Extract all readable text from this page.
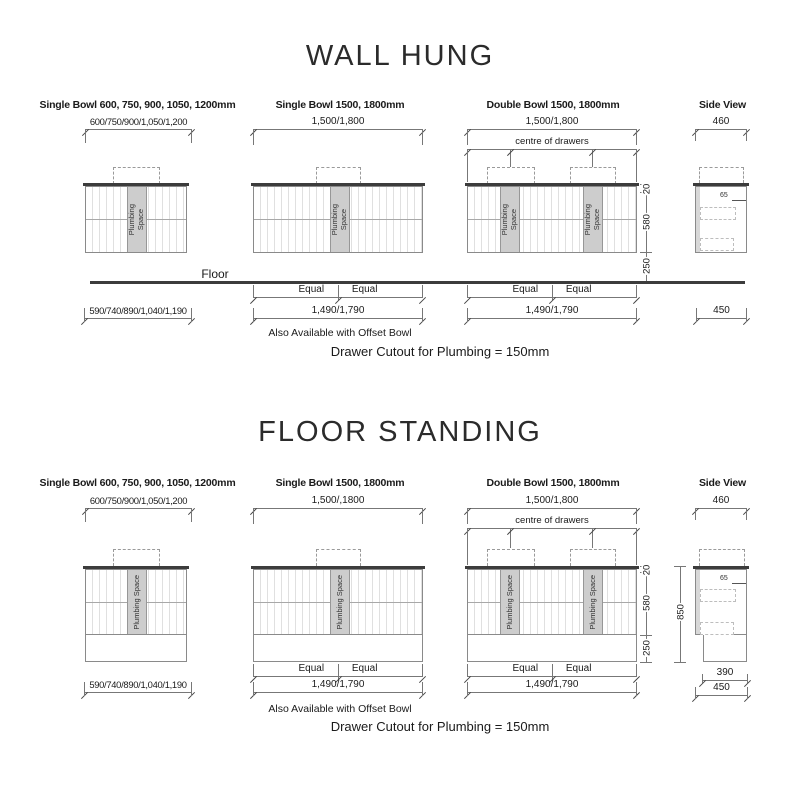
WALL HUNG
Single Bowl 600, 750, 900, 1050, 1200mm	Single Bowl 1500, 1800mm	Double Bowl 1500, 1800mm	Side View
600/750/900/1,050/1,200	1,500/1,800	1,500/1,800	460
centre of drawers
Plumbing Space	Plumbing Space	Plumbing Space	Plumbing Space
65
20
580
250
Floor
Equal	Equal	Equal	Equal
590/740/890/1,040/1,190	1,490/1,790	1,490/1,790	450
Also Available with Offset Bowl
Drawer Cutout for Plumbing = 150mm
FLOOR STANDING
Single Bowl 600, 750, 900, 1050, 1200mm	Single Bowl 1500, 1800mm	Double Bowl 1500, 1800mm	Side View
600/750/900/1,050/1,200	1,500/,1800	1,500/1,800	460
centre of drawers
Plumbing Space	Plumbing Space	Plumbing Space	Plumbing Space	65
20
580
250
850
Equal	Equal	Equal	Equal
590/740/890/1,040/1,190	1,490/1,790	1,490/1,790
390
450
Also Available with Offset Bowl
Drawer Cutout for Plumbing = 150mm
